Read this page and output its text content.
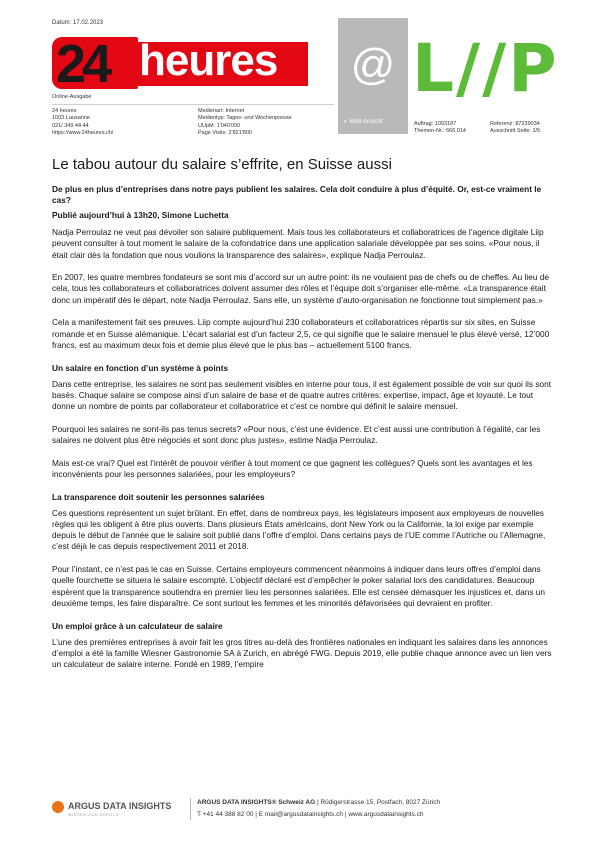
Datum: 17.02.2023
24 heures
Online-Ausgabe
24 heures
1003 Lausanne
021/ 349 44 44
https://www.24heures.ch/
Medienart: Internet
Medientyp: Tages- und Wochenpresse
UUpM: 1'040'000
Page Visits: 2'821'800
@
◐ Web Ansicht
L//P
Auftrag: 1093187
Themen-Nr.: 666.014
Referenz: 87239034
Ausschnitt Seite: 1/5
Le tabou autour du salaire s’effrite, en Suisse aussi
De plus en plus d’entreprises dans notre pays publient les salaires. Cela doit conduire à plus d’équité. Or, est-ce vraiment le cas?
Publié aujourd’hui à 13h20, Simone Luchetta

Nadja Perroulaz ne veut pas dévoiler son salaire publiquement. Mais tous les collaborateurs et collaboratrices de l’agence digitale Liip peuvent consulter à tout moment le salaire de la cofondatrice dans une application salariale développée par ses soins. «Pour nous, il était clair dès la fondation que nous voulions la transparence des salaires», explique Nadja Perroulaz.

En 2007, les quatre membres fondateurs se sont mis d’accord sur un autre point: ils ne voulaient pas de chefs ou de cheffes. Au lieu de cela, tous les collaborateurs et collaboratrices doivent assumer des rôles et l’équipe doit s’organiser elle-même. «La transparence était donc un impératif dès le départ, note Nadja Perroulaz. Sans elle, un système d’auto-organisation ne fonctionne tout simplement pas.»

Cela a manifestement fait ses preuves. Liip compte aujourd’hui 230 collaborateurs et collaboratrices répartis sur six sites, en Suisse romande et en Suisse alémanique. L’écart salarial est d’un facteur 2,5, ce qui signifie que le salaire mensuel le plus élevé versé, 12’000 francs, est au maximum deux fois et demie plus élevé que le plus bas – actuellement 5100 francs.

Un salaire en fonction d’un système à points

Dans cette entreprise, les salaires ne sont pas seulement visibles en interne pour tous, il est également possible de voir sur quoi ils sont basés. Chaque salaire se compose ainsi d’un salaire de base et de quatre autres critères: expertise, impact, âge et loyauté. Le tout donne un nombre de points par collaborateur et collaboratrice et c’est ce nombre qui définit le salaire mensuel.

Pourquoi les salaires ne sont-ils pas tenus secrets? «Pour nous, c’est une évidence. Et c’est aussi une contribution à l’égalité, car les salaires ne doivent plus être négociés et sont donc plus justes», estime Nadja Perroulaz.

Mais est-ce vrai? Quel est l’intérêt de pouvoir vérifier à tout moment ce que gagnent les collègues? Quels sont les avantages et les inconvénients pour les personnes salariées, pour les employeurs?

La transparence doit soutenir les personnes salariées

Ces questions représentent un sujet brûlant. En effet, dans de nombreux pays, les législateurs imposent aux employeurs de nouvelles règles qui les obligent à être plus ouverts. Dans plusieurs États américains, dont New York ou la Californie, la loi exige par exemple depuis le début de l’année que le salaire soit publié dans l’offre d’emploi. Dans certains pays de l’UE comme l’Autriche ou l’Allemagne, c’est déjà le cas depuis respectivement 2011 et 2018.

Pour l’instant, ce n’est pas le cas en Suisse. Certains employeurs commencent néanmoins à indiquer dans leurs offres d’emploi dans quelle fourchette se situera le salaire escompté. L’objectif déclaré est d’empêcher le poker salarial lors des candidatures. Beaucoup espèrent que la transparence soutiendra en premier lieu les personnes salariées. Elle est censée démasquer les injustices et, dans un deuxième temps, les faire disparaître. Ce sont surtout les femmes et les minorités défavorisées qui devraient en profiter.

Un emploi grâce à un calculateur de salaire

L’une des premières entreprises à avoir fait les gros titres au-delà des frontières nationales en indiquant les salaires dans les annonces d’emploi a été la famille Wiesner Gastronomie SA à Zurich, en abrégé FWG. Depuis 2019, elle publie chaque annonce avec un lien vers un calculateur de salaire interne. Fondé en 1989, l’empire

ARGUS DATA INSIGHTS
WISSEN ZUM ERFOLG
ARGUS DATA INSIGHTS® Schweiz AG | Rüdigerstrasse 15, Postfach, 8027 Zürich
T +41 44 388 82 00 | E mail@argusdatainsights.ch | www.argusdatainsights.ch
